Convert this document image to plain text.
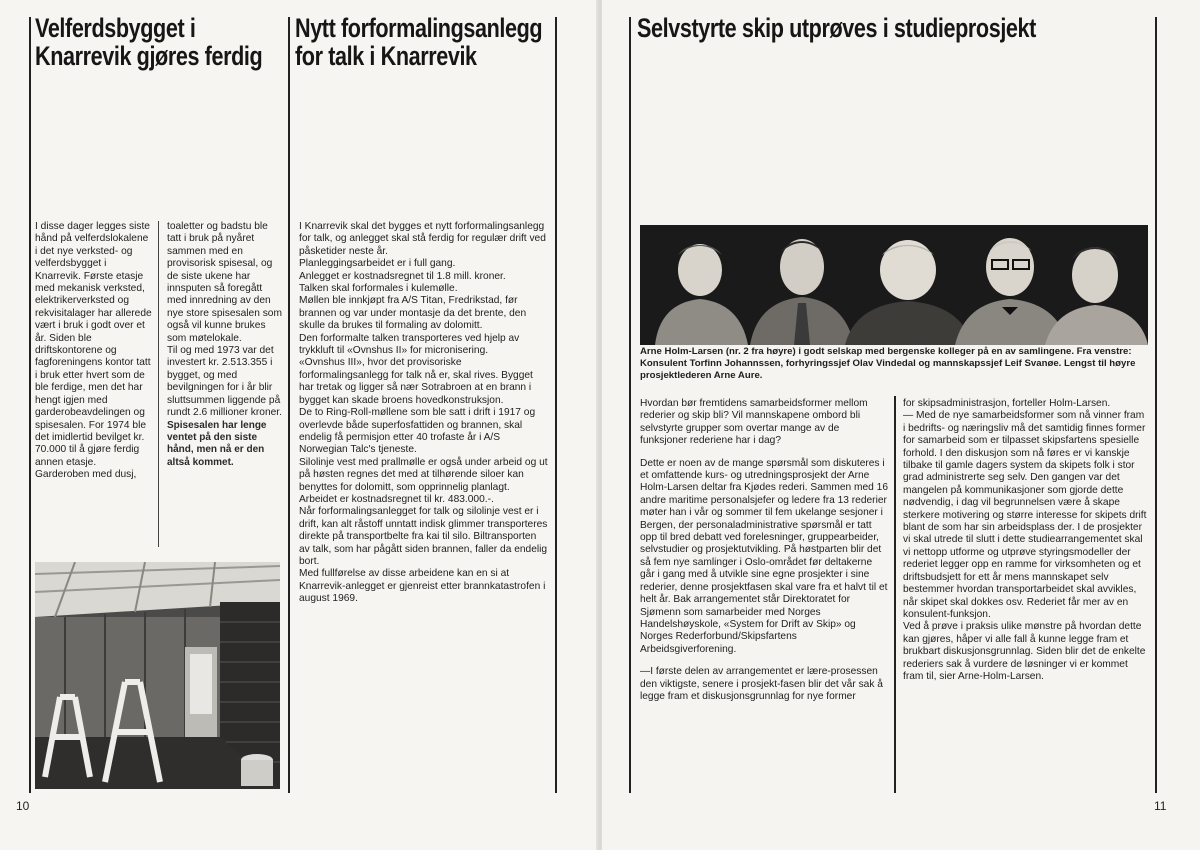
Velferdsbygget i
Knarrevik gjøres ferdig

I disse dager legges siste hånd på velferdslokalene i det nye verksted- og velferdsbygget i Knarrevik. Første etasje med mekanisk verksted, elektrikerverksted og rekvisitalager har allerede vært i bruk i godt over et år. Siden ble driftskontorene og fagforeningens kontor tatt i bruk etter hvert som de ble ferdige, men det har hengt igjen med garderobeavdelingen og spisesalen. For 1974 ble det imidlertid bevilget kr. 70.000 til å gjøre ferdig annen etasje. Garderoben med dusj,

toaletter og badstu ble tatt i bruk på nyåret sammen med en provisorisk spisesal, og de siste ukene har innsputen så foregått med innredning av den nye store spisesalen som også vil kunne brukes som møtelokale.

Til og med 1973 var det investert kr. 2.513.355 i bygget, og med bevilgningen for i år blir sluttsummen liggende på rundt 2.6 millioner kroner.

Spisesalen har lenge ventet på den siste hånd, men nå er den altså kommet.

Nytt forformalingsanlegg
for talk i Knarrevik

I Knarrevik skal det bygges et nytt forformalingsanlegg for talk, og anlegget skal stå ferdig for regulær drift ved påsketider neste år.

Planleggingsarbeidet er i full gang.

Anlegget er kostnadsregnet til 1.8 mill. kroner.

Talken skal forformales i kulemølle.

Møllen ble innkjøpt fra A/S Titan, Fredrikstad, før brannen og var under montasje da det brente, den skulle da brukes til formaling av dolomitt.

Den forformalte talken transporteres ved hjelp av trykkluft til «Ovnshus II» for micronisering.

«Ovnshus III», hvor det provisoriske forformalingsanlegg for talk nå er, skal rives. Bygget har tretak og ligger så nær Sotrabroen at en brann i bygget kan skade broens hovedkonstruksjon.

De to Ring-Roll-møllene som ble satt i drift i 1917 og overlevde både superfosfattiden og brannen, skal endelig få permisjon etter 40 trofaste år i A/S Norwegian Talc's tjeneste.

Silolinje vest med prallmølle er også under arbeid og ut på høsten regnes det med at tilhørende siloer kan benyttes for dolomitt, som opprinnelig planlagt.

Arbeidet er kostnadsregnet til kr. 483.000.-.

Når forformalingsanlegget for talk og silolinje vest er i drift, kan alt råstoff unntatt indisk glimmer transporteres direkte på transportbelte fra kai til silo. Biltransporten av talk, som har pågått siden brannen, faller da endelig bort.

Med fullførelse av disse arbeidene kan en si at Knarrevik-anlegget er gjenreist etter brannkatastrofen i august 1969.

10
Selvstyrte skip utprøves i studieprosjekt
Arne Holm-Larsen (nr. 2 fra høyre) i godt selskap med bergenske kolleger på en av samlingene. Fra venstre: Konsulent Torfinn Johannssen, forhyringssjef Olav Vindedal og mannskapssjef Leif Svanøe. Lengst til høyre prosjektlederen Arne Aure.

Hvordan bør fremtidens samarbeidsformer mellom rederier og skip bli? Vil mannskapene ombord bli selvstyrte grupper som overtar mange av de funksjoner rederiene har i dag?

Dette er noen av de mange spørsmål som diskuteres i et omfattende kurs- og utredningsprosjekt der Arne Holm-Larsen deltar fra Kjødes rederi. Sammen med 16 andre maritime personalsjefer og ledere fra 13 rederier møter han i vår og sommer til fem ukelange sesjoner i Bergen, der personaladministrative spørsmål er tatt opp til bred debatt ved forelesninger, gruppearbeider, selvstudier og prosjektutvikling. På høstparten blir det så fem nye samlinger i Oslo-området før deltakerne går i gang med å utvikle sine egne prosjekter i sine rederier, denne prosjektfasen skal vare fra et halvt til et helt år. Bak arrangementet står Direktoratet for Sjømenn som samarbeider med Norges Handelshøyskole, «System for Drift av Skip» og Norges Rederforbund/Skipsfartens Arbeidsgiverforening.

—I første delen av arrangementet er lære-prosessen den viktigste, senere i prosjekt-fasen blir det vår sak å legge fram et diskusjonsgrunnlag for nye former

for skipsadministrasjon, forteller Holm-Larsen.

— Med de nye samarbeidsformer som nå vinner fram i bedrifts- og næringsliv må det samtidig finnes former for samarbeid som er tilpasset skipsfartens spesielle forhold. I den diskusjon som nå føres er vi kanskje tilbake til gamle dagers system da skipets folk i stor grad administrerte seg selv. Den gangen var det mangelen på kommunikasjoner som gjorde dette nødvendig, i dag vil begrunnelsen være å skape sterkere motivering og større interesse for skipets drift blant de som har sin arbeidsplass der. I de prosjekter vi skal utrede til slutt i dette studiearrangementet skal vi nettopp utforme og utprøve styringsmodeller der rederiet legger opp en ramme for virksomheten og et driftsbudsjett for ett år mens mannskapet selv bestemmer hvordan transportarbeidet skal avvikles, når skipet skal dokkes osv. Rederiet får mer av en konsulent-funksjon.

Ved å prøve i praksis ulike mønstre på hvordan dette kan gjøres, håper vi alle fall å kunne legge fram et brukbart diskusjonsgrunnlag. Siden blir det de enkelte rederiers sak å vurdere de løsninger vi er kommet fram til, sier Arne-Holm-Larsen.

11
